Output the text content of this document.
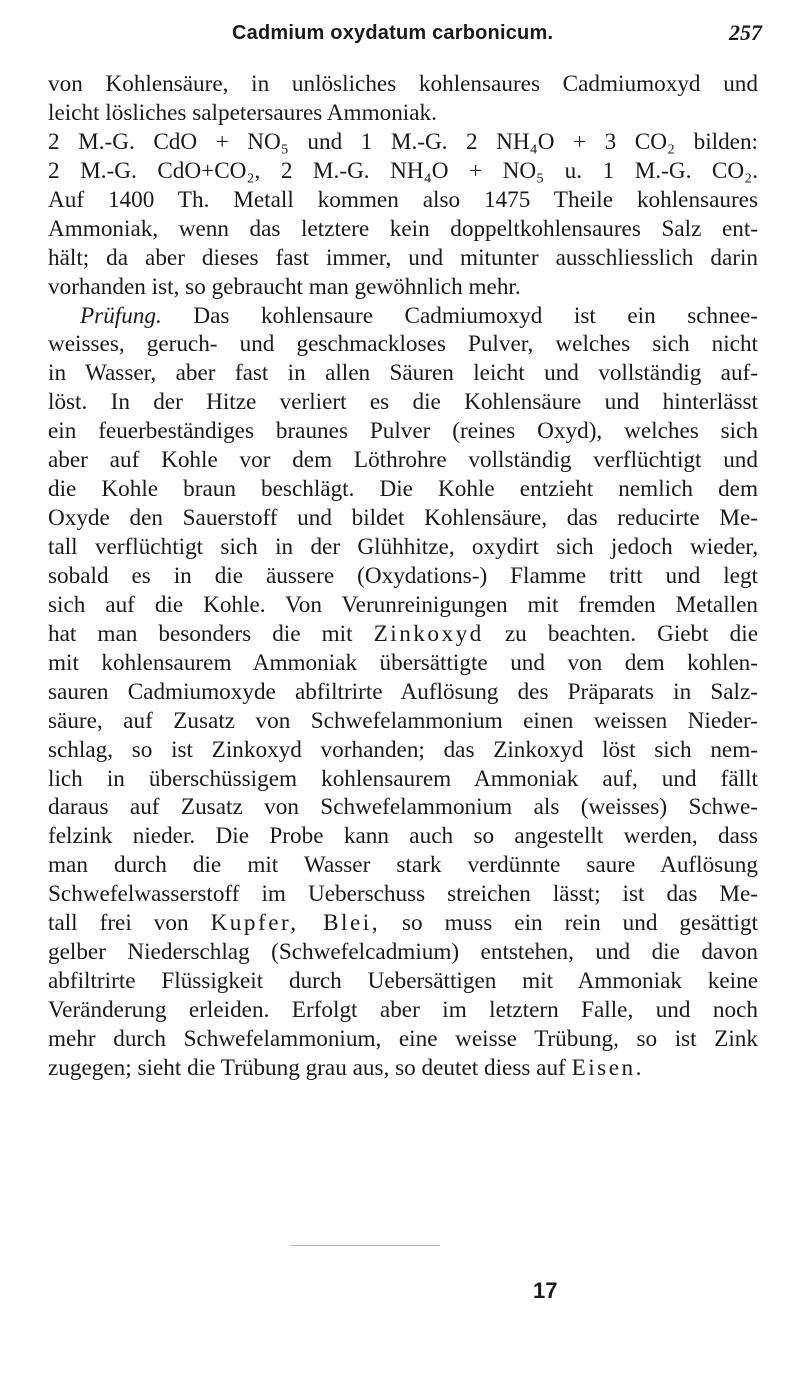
Cadmium oxydatum carbonicum.	257
von Kohlensäure, in unlösliches kohlensaures Cadmiumoxyd und
leicht lösliches salpetersaures Ammoniak.
2 M.-G. CdO + NO₅ und 1 M.-G. 2 NH₄O + 3 CO₂ bilden:
2 M.-G. CdO+CO₂, 2 M.-G. NH₄O + NO₅ u. 1 M.-G. CO₂.
Auf 1400 Th. Metall kommen also 1475 Theile kohlensaures
Ammoniak, wenn das letztere kein doppeltkohlensaures Salz ent-
hält; da aber dieses fast immer, und mitunter ausschliesslich darin
vorhanden ist, so gebraucht man gewöhnlich mehr.
Prüfung. Das kohlensaure Cadmiumoxyd ist ein schnee-
weisses, geruch- und geschmackloses Pulver, welches sich nicht
in Wasser, aber fast in allen Säuren leicht und vollständig auf-
löst. In der Hitze verliert es die Kohlensäure und hinterlässt
ein feuerbeständiges braunes Pulver (reines Oxyd), welches sich
aber auf Kohle vor dem Löthrohre vollständig verflüchtigt und
die Kohle braun beschlägt. Die Kohle entzieht nemlich dem
Oxyde den Sauerstoff und bildet Kohlensäure, das reducirte Me-
tall verflüchtigt sich in der Glühhitze, oxydirt sich jedoch wieder,
sobald es in die äussere (Oxydations-) Flamme tritt und legt
sich auf die Kohle. Von Verunreinigungen mit fremden Metallen
hat man besonders die mit Zinkoxyd zu beachten. Giebt die
mit kohlensaurem Ammoniak übersättigte und von dem kohlen-
sauren Cadmiumoxyde abfiltrirte Auflösung des Präparats in Salz-
säure, auf Zusatz von Schwefelammonium einen weissen Nieder-
schlag, so ist Zinkoxyd vorhanden; das Zinkoxyd löst sich nem-
lich in überschüssigem kohlensaurem Ammoniak auf, und fällt
daraus auf Zusatz von Schwefelammonium als (weisses) Schwe-
felzink nieder. Die Probe kann auch so angestellt werden, dass
man durch die mit Wasser stark verdünnte saure Auflösung
Schwefelwasserstoff im Ueberschuss streichen lässt; ist das Me-
tall frei von Kupfer, Blei, so muss ein rein und gesättigt
gelber Niederschlag (Schwefelcadmium) entstehen, und die davon
abfiltrirte Flüssigkeit durch Uebersättigen mit Ammoniak keine
Veränderung erleiden. Erfolgt aber im letztern Falle, und noch
mehr durch Schwefelammonium, eine weisse Trübung, so ist Zink
zugegen; sieht die Trübung grau aus, so deutet diess auf Eisen.
17
